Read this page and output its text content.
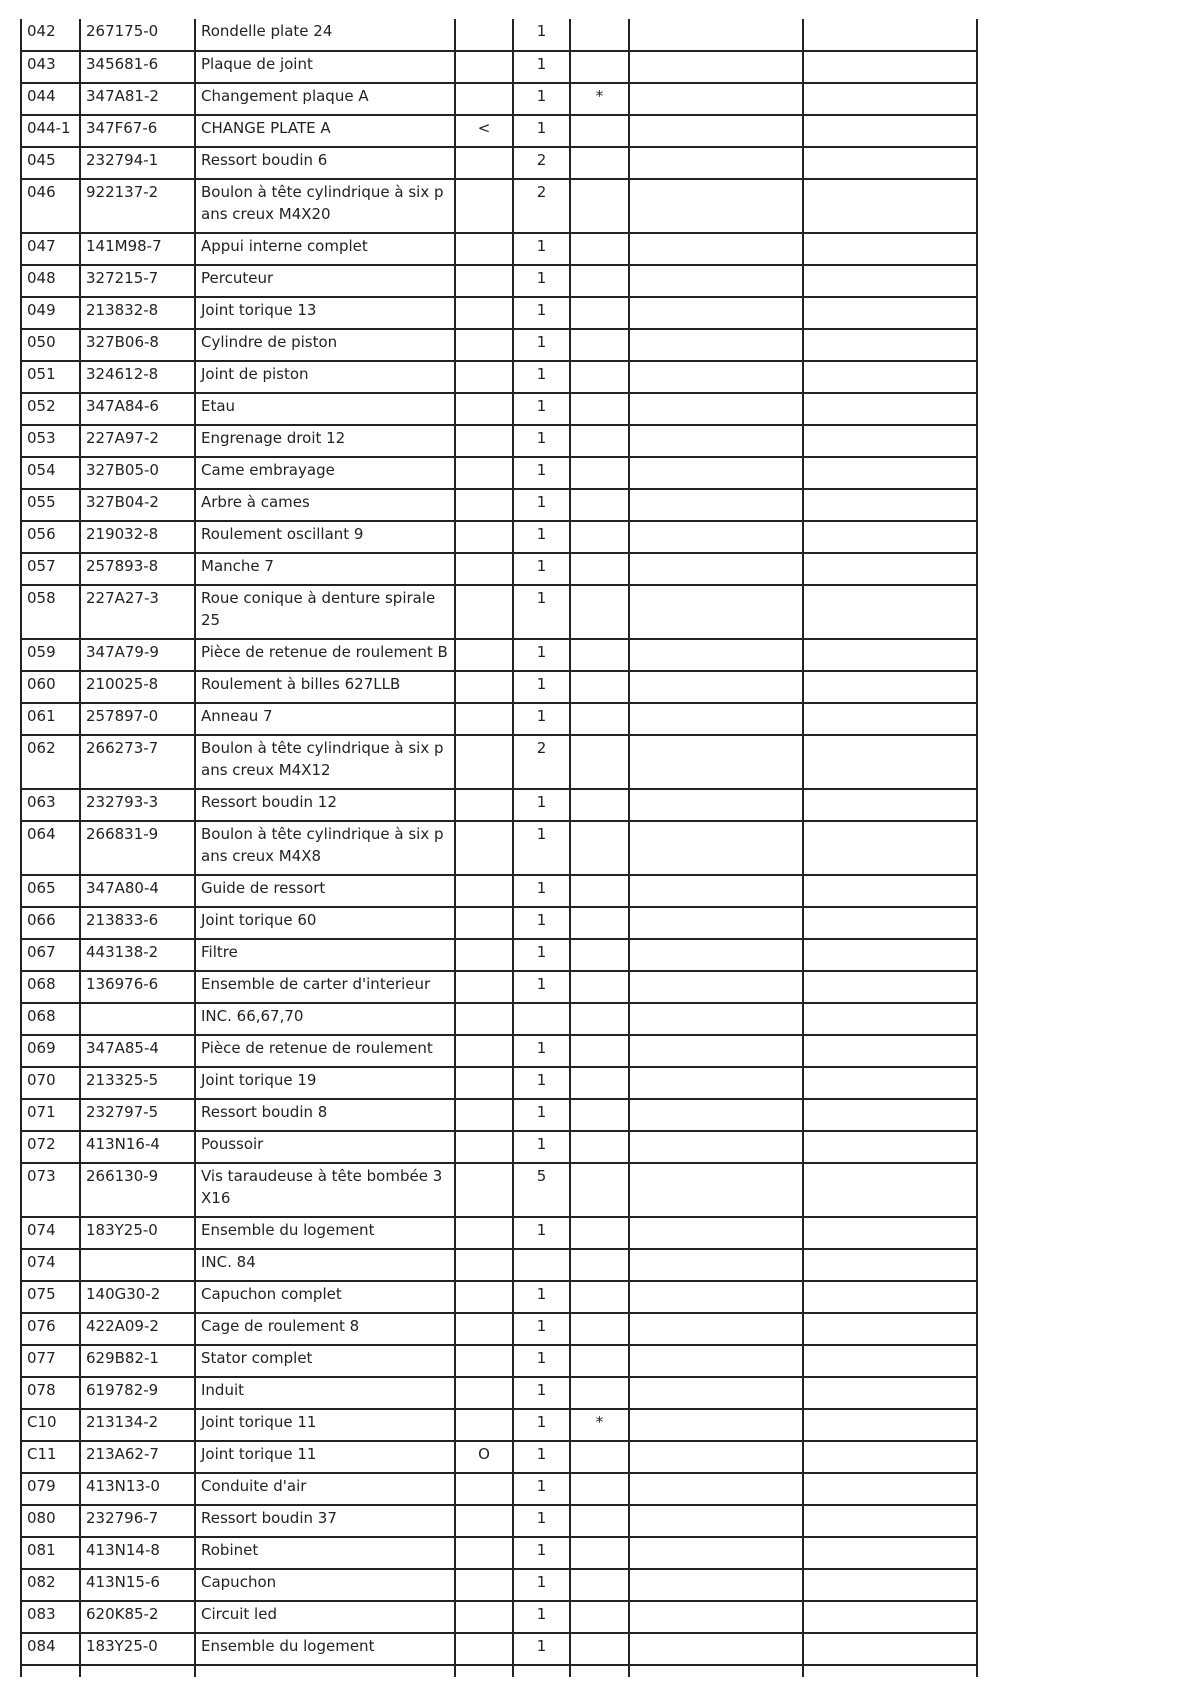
042	267175-0	Rondelle plate 24		1			
043	345681-6	Plaque de joint		1			
044	347A81-2	Changement plaque A		1	*		
044-1	347F67-6	CHANGE PLATE A	<	1			
045	232794-1	Ressort boudin 6		2			
046	922137-2	Boulon à tête cylindrique à six pans creux M4X20		2			
047	141M98-7	Appui interne complet		1			
048	327215-7	Percuteur		1			
049	213832-8	Joint torique 13		1			
050	327B06-8	Cylindre de piston		1			
051	324612-8	Joint de piston		1			
052	347A84-6	Etau		1			
053	227A97-2	Engrenage droit 12		1			
054	327B05-0	Came embrayage		1			
055	327B04-2	Arbre à cames		1			
056	219032-8	Roulement oscillant 9		1			
057	257893-8	Manche 7		1			
058	227A27-3	Roue conique à denture spirale 25		1			
059	347A79-9	Pièce de retenue de roulement B		1			
060	210025-8	Roulement à billes 627LLB		1			
061	257897-0	Anneau 7		1			
062	266273-7	Boulon à tête cylindrique à six pans creux M4X12		2			
063	232793-3	Ressort boudin 12		1			
064	266831-9	Boulon à tête cylindrique à six pans creux M4X8		1			
065	347A80-4	Guide de ressort		1			
066	213833-6	Joint torique 60		1			
067	443138-2	Filtre		1			
068	136976-6	Ensemble de carter d'interieur		1			
068		INC. 66,67,70					
069	347A85-4	Pièce de retenue de roulement		1			
070	213325-5	Joint torique 19		1			
071	232797-5	Ressort boudin 8		1			
072	413N16-4	Poussoir		1			
073	266130-9	Vis taraudeuse à tête bombée 3X16		5			
074	183Y25-0	Ensemble du logement		1			
074		INC. 84					
075	140G30-2	Capuchon complet		1			
076	422A09-2	Cage de roulement 8		1			
077	629B82-1	Stator complet		1			
078	619782-9	Induit		1			
C10	213134-2	Joint torique 11		1	*		
C11	213A62-7	Joint torique 11	O	1			
079	413N13-0	Conduite d'air		1			
080	232796-7	Ressort boudin 37		1			
081	413N14-8	Robinet		1			
082	413N15-6	Capuchon		1			
083	620K85-2	Circuit led		1			
084	183Y25-0	Ensemble du logement		1			
